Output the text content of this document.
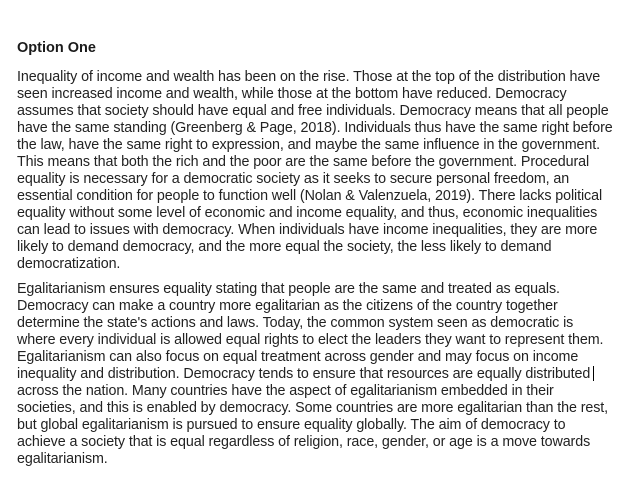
Option One
Inequality of income and wealth has been on the rise. Those at the top of the distribution have
seen increased income and wealth, while those at the bottom have reduced. Democracy
assumes that society should have equal and free individuals. Democracy means that all people
have the same standing (Greenberg & Page, 2018). Individuals thus have the same right before
the law, have the same right to expression, and maybe the same influence in the government.
This means that both the rich and the poor are the same before the government. Procedural
equality is necessary for a democratic society as it seeks to secure personal freedom, an
essential condition for people to function well (Nolan & Valenzuela, 2019). There lacks political
equality without some level of economic and income equality, and thus, economic inequalities
can lead to issues with democracy. When individuals have income inequalities, they are more
likely to demand democracy, and the more equal the society, the less likely to demand
democratization.
Egalitarianism ensures equality stating that people are the same and treated as equals.
Democracy can make a country more egalitarian as the citizens of the country together
determine the state's actions and laws. Today, the common system seen as democratic is
where every individual is allowed equal rights to elect the leaders they want to represent them.
Egalitarianism can also focus on equal treatment across gender and may focus on income
inequality and distribution. Democracy tends to ensure that resources are equally distributed
across the nation. Many countries have the aspect of egalitarianism embedded in their
societies, and this is enabled by democracy. Some countries are more egalitarian than the rest,
but global egalitarianism is pursued to ensure equality globally. The aim of democracy to
achieve a society that is equal regardless of religion, race, gender, or age is a move towards
egalitarianism.
